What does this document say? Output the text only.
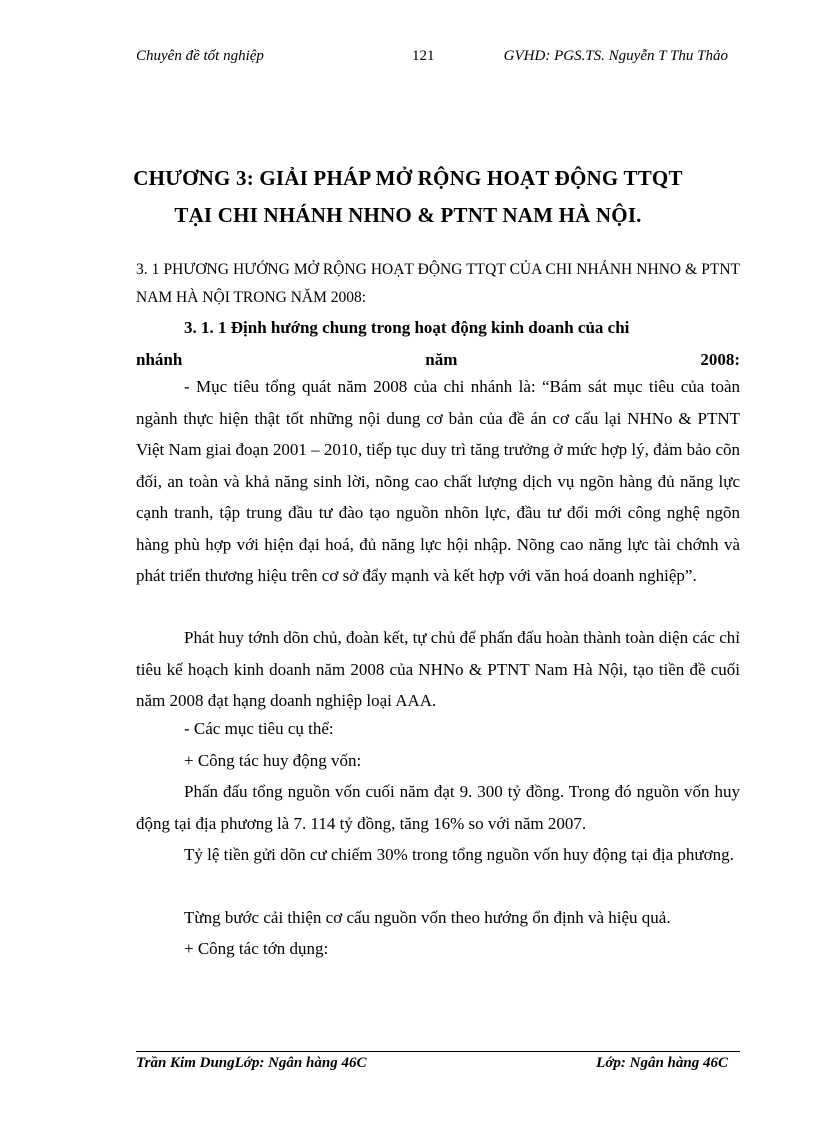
Chuyên đề tốt nghiệp	121	GVHD: PGS.TS. Nguyễn T Thu Thảo
CHƯƠNG 3: GIẢI PHÁP MỞ RỘNG HOẠT ĐỘNG TTQT
TẠI CHI NHÁNH NHNO & PTNT NAM HÀ NỘI.
3. 1 PHƯƠNG HƯỚNG MỞ RỘNG HOẠT ĐỘNG TTQT CỦA CHI NHÁNH NHNO & PTNT NAM HÀ NỘI TRONG NĂM 2008:
3. 1. 1 Định hướng chung trong hoạt động kinh doanh của chi
nhánh năm 2008:
- Mục tiêu tổng quát năm 2008 của chi nhánh là: “Bám sát mục tiêu của toàn ngành thực hiện thật tốt những nội dung cơ bản của đề án cơ cấu lại NHNo & PTNT Việt Nam giai đoạn 2001 – 2010, tiếp tục duy trì tăng trưởng ở mức hợp lý, đảm bảo cõn đối, an toàn và khả năng sinh lời, nõng cao chất lượng dịch vụ ngõn hàng đủ năng lực cạnh tranh, tập trung đầu tư đào tạo nguồn nhõn lực, đầu tư đổi mới công nghệ ngõn hàng phù hợp với hiện đại hoá, đủ năng lực hội nhập. Nõng cao năng lực tài chớnh và phát triển thương hiệu trên cơ sở đẩy mạnh và kết hợp với văn hoá doanh nghiệp”.
Phát huy tớnh dõn chủ, đoàn kết, tự chủ để phấn đấu hoàn thành toàn diện các chỉ tiêu kế hoạch kinh doanh năm 2008 của NHNo & PTNT Nam Hà Nội, tạo tiền đề cuối năm 2008 đạt hạng doanh nghiệp loại AAA.
- Các mục tiêu cụ thể:
+ Công tác huy động vốn:
Phấn đấu tổng nguồn vốn cuối năm đạt 9. 300 tỷ đồng. Trong đó nguồn vốn huy động tại địa phương là 7. 114 tỷ đồng, tăng 16% so với năm 2007.
Tỷ lệ tiền gửi dõn cư chiếm 30% trong tổng nguồn vốn huy động tại địa phương.
Từng bước cải thiện cơ cấu nguồn vốn theo hướng ổn định và hiệu quả.
+ Công tác tớn dụng:
Trần Kim DungLớp: Ngân hàng 46C	Lớp: Ngân hàng 46C
